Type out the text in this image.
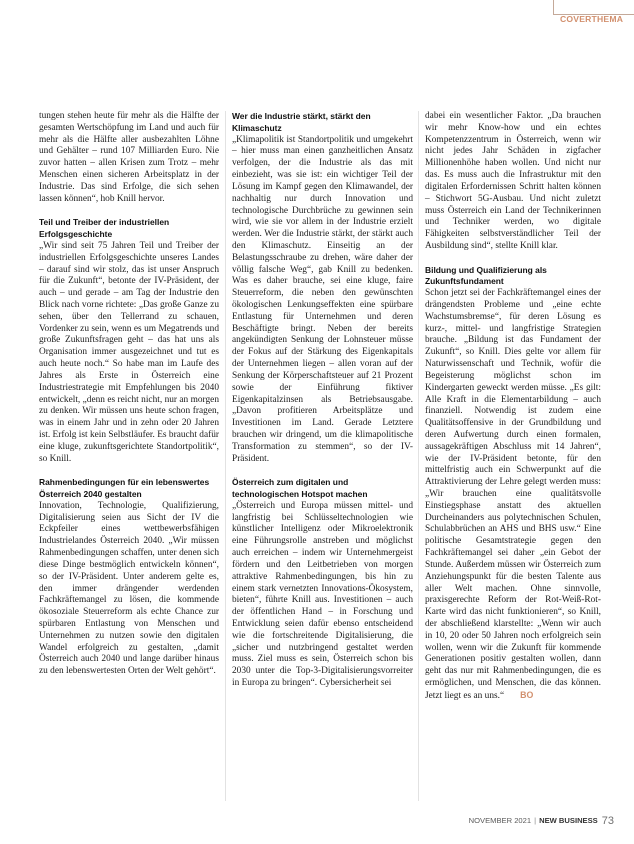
COVERTHEMA

tungen stehen heute für mehr als die Hälfte der gesamten Wertschöpfung im Land und auch für mehr als die Hälfte aller ausbezahlten Löhne und Gehälter – rund 107 Milliarden Euro. Nie zuvor hatten – allen Krisen zum Trotz – mehr Menschen einen sicheren Arbeitsplatz in der Industrie. Das sind Erfolge, die sich sehen lassen können“, hob Knill hervor.

Teil und Treiber der industriellen Erfolgsgeschichte

„Wir sind seit 75 Jahren Teil und Treiber der industriellen Erfolgsgeschichte unseres Landes – darauf sind wir stolz, das ist unser Anspruch für die Zukunft“, betonte der IV-Präsident, der auch – und gerade – am Tag der Industrie den Blick nach vorne richtete: „Das große Ganze zu sehen, über den Tellerrand zu schauen, Vordenker zu sein, wenn es um Megatrends und große Zukunftsfragen geht – das hat uns als Organisation immer ausgezeichnet und tut es auch heute noch.“ So habe man im Laufe des Jahres als Erste in Österreich eine Industriestrategie mit Empfehlungen bis 2040 entwickelt, „denn es reicht nicht, nur an morgen zu denken. Wir müssen uns heute schon fragen, was in einem Jahr und in zehn oder 20 Jahren ist. Erfolg ist kein Selbstläufer. Es braucht dafür eine kluge, zukunftsgerichtete Standortpolitik“, so Knill.

Rahmenbedingungen für ein lebenswertes Österreich 2040 gestalten

Innovation, Technologie, Qualifizierung, Digitalisierung seien aus Sicht der IV die Eckpfeiler eines wettbewerbsfähigen Industrielandes Österreich 2040. „Wir müssen Rahmenbedingungen schaffen, unter denen sich diese Dinge bestmöglich entwickeln können“, so der IV-Präsident. Unter anderem gelte es, den immer drängender werdenden Fachkräftemangel zu lösen, die kommende ökosoziale Steuerreform als echte Chance zur spürbaren Entlastung von Menschen und Unternehmen zu nutzen sowie den digitalen Wandel erfolgreich zu gestalten, „damit Österreich auch 2040 und lange darüber hinaus zu den lebenswertesten Orten der Welt gehört“.

Wer die Industrie stärkt, stärkt den Klimaschutz

„Klimapolitik ist Standortpolitik und umgekehrt – hier muss man einen ganzheitlichen Ansatz verfolgen, der die Industrie als das mit einbezieht, was sie ist: ein wichtiger Teil der Lösung im Kampf gegen den Klimawandel, der nachhaltig nur durch Innovation und technologische Durchbrüche zu gewinnen sein wird, wie sie vor allem in der Industrie erzielt werden. Wer die Industrie stärkt, der stärkt auch den Klimaschutz. Einseitig an der Belastungsschraube zu drehen, wäre daher der völlig falsche Weg“, gab Knill zu bedenken. Was es daher brauche, sei eine kluge, faire Steuerreform, die neben den gewünschten ökologischen Lenkungseffekten eine spürbare Entlastung für Unternehmen und deren Beschäftigte bringt. Neben der bereits angekündigten Senkung der Lohnsteuer müsse der Fokus auf der Stärkung des Eigenkapitals der Unternehmen liegen – allen voran auf der Senkung der Körperschaftsteuer auf 21 Prozent sowie der Einführung fiktiver Eigenkapitalzinsen als Betriebsausgabe. „Davon profitieren Arbeitsplätze und Investitionen im Land. Gerade Letztere brauchen wir dringend, um die klimapolitische Transformation zu stemmen“, so der IV-Präsident.

Österreich zum digitalen und technologischen Hotspot machen

„Österreich und Europa müssen mittel- und langfristig bei Schlüsseltechnologien wie künstlicher Intelligenz oder Mikroelektronik eine Führungsrolle anstreben und möglichst auch erreichen – indem wir Unternehmergeist fördern und den Leitbetrieben von morgen attraktive Rahmenbedingungen, bis hin zu einem stark vernetzten Innovations-Ökosystem, bieten“, führte Knill aus. Investitionen – auch der öffentlichen Hand – in Forschung und Entwicklung seien dafür ebenso entscheidend wie die fortschreitende Digitalisierung, die „sicher und nutzbringend gestaltet werden muss. Ziel muss es sein, Österreich schon bis 2030 unter die Top-3-Digitalisierungsvorreiter in Europa zu bringen“. Cybersicherheit sei

dabei ein wesentlicher Faktor. „Da brauchen wir mehr Know-how und ein echtes Kompetenzzentrum in Österreich, wenn wir nicht jedes Jahr Schäden in zigfacher Millionenhöhe haben wollen. Und nicht nur das. Es muss auch die Infrastruktur mit den digitalen Erfordernissen Schritt halten können – Stichwort 5G-Ausbau. Und nicht zuletzt muss Österreich ein Land der Technikerinnen und Techniker werden, wo digitale Fähigkeiten selbstverständlicher Teil der Ausbildung sind“, stellte Knill klar.

Bildung und Qualifizierung als Zukunftsfundament

Schon jetzt sei der Fachkräftemangel eines der drängendsten Probleme und „eine echte Wachstumsbremse“, für deren Lösung es kurz-, mittel- und langfristige Strategien brauche. „Bildung ist das Fundament der Zukunft“, so Knill. Dies gelte vor allem für Naturwissenschaft und Technik, wofür die Begeisterung möglichst schon im Kindergarten geweckt werden müsse. „Es gilt: Alle Kraft in die Elementarbildung – auch finanziell. Notwendig ist zudem eine Qualitätsoffensive in der Grundbildung und deren Aufwertung durch einen formalen, aussagekräftigen Abschluss mit 14 Jahren“, wie der IV-Präsident betonte, für den mittelfristig auch ein Schwerpunkt auf die Attraktivierung der Lehre gelegt werden muss: „Wir brauchen eine qualitätsvolle Einstiegsphase anstatt des aktuellen Durcheinanders aus polytechnischen Schulen, Schulabbrüchen an AHS und BHS usw.“ Eine politische Gesamtstrategie gegen den Fachkräftemangel sei daher „ein Gebot der Stunde. Außerdem müssen wir Österreich zum Anziehungspunkt für die besten Talente aus aller Welt machen. Ohne sinnvolle, praxisgerechte Reform der Rot-Weiß-Rot-Karte wird das nicht funktionieren“, so Knill, der abschließend klarstellte: „Wenn wir auch in 10, 20 oder 50 Jahren noch erfolgreich sein wollen, wenn wir die Zukunft für kommende Generationen positiv gestalten wollen, dann geht das nur mit Rahmenbedingungen, die es ermöglichen, und Menschen, die das können. Jetzt liegt es an uns.“ BO

NOVEMBER 2021 | NEW BUSINESS 73
